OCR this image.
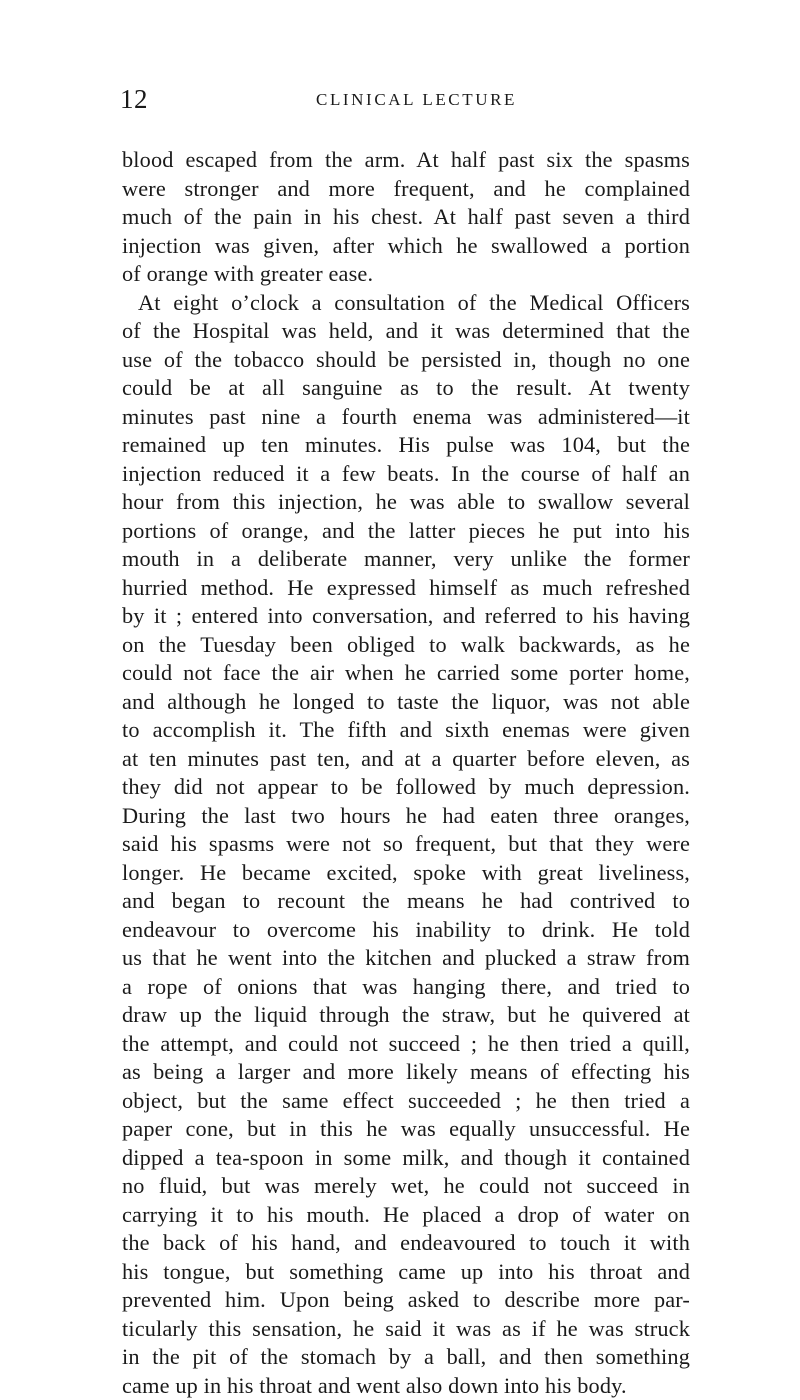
12	CLINICAL LECTURE
blood escaped from the arm. At half past six the spasms
were stronger and more frequent, and he complained
much of the pain in his chest. At half past seven a third
injection was given, after which he swallowed a portion
of orange with greater ease.
At eight o’clock a consultation of the Medical Officers
of the Hospital was held, and it was determined that the
use of the tobacco should be persisted in, though no one
could be at all sanguine as to the result. At twenty
minutes past nine a fourth enema was administered—it
remained up ten minutes. His pulse was 104, but the
injection reduced it a few beats. In the course of half an
hour from this injection, he was able to swallow several
portions of orange, and the latter pieces he put into his
mouth in a deliberate manner, very unlike the former
hurried method. He expressed himself as much refreshed
by it ; entered into conversation, and referred to his having
on the Tuesday been obliged to walk backwards, as he
could not face the air when he carried some porter home,
and although he longed to taste the liquor, was not able
to accomplish it. The fifth and sixth enemas were given
at ten minutes past ten, and at a quarter before eleven, as
they did not appear to be followed by much depression.
During the last two hours he had eaten three oranges,
said his spasms were not so frequent, but that they were
longer. He became excited, spoke with great liveliness,
and began to recount the means he had contrived to
endeavour to overcome his inability to drink. He told
us that he went into the kitchen and plucked a straw from
a rope of onions that was hanging there, and tried to
draw up the liquid through the straw, but he quivered at
the attempt, and could not succeed ; he then tried a quill,
as being a larger and more likely means of effecting his
object, but the same effect succeeded ; he then tried a
paper cone, but in this he was equally unsuccessful. He
dipped a tea-spoon in some milk, and though it contained
no fluid, but was merely wet, he could not succeed in
carrying it to his mouth. He placed a drop of water on
the back of his hand, and endeavoured to touch it with
his tongue, but something came up into his throat and
prevented him. Upon being asked to describe more par-
ticularly this sensation, he said it was as if he was struck
in the pit of the stomach by a ball, and then something
came up in his throat and went also down into his body.
